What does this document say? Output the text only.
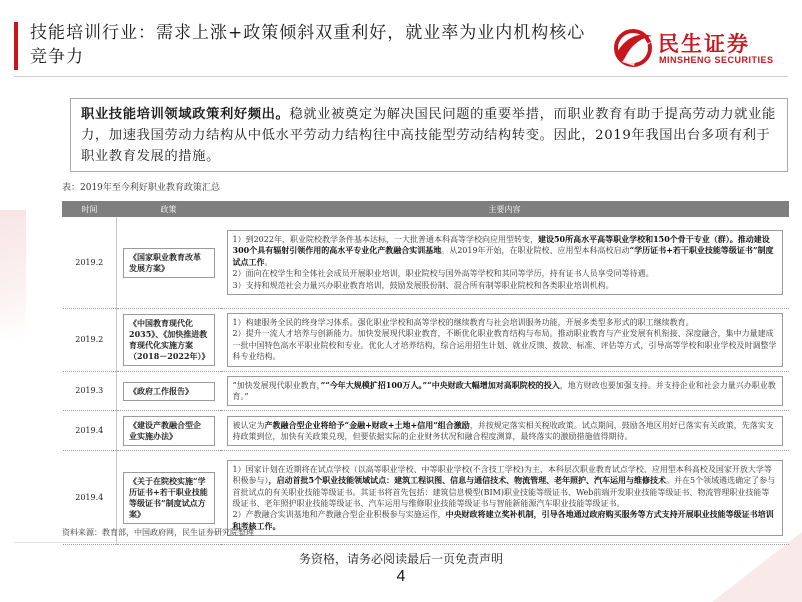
技能培训行业：需求上涨+政策倾斜双重利好，就业率为业内机构核心竞争力
民生证券
MINSHENG SECURITIES
职业技能培训领域政策利好频出。稳就业被奠定为解决国民问题的重要举措，而职业教育有助于提高劳动力就业能力，加速我国劳动力结构从中低水平劳动力结构往中高技能型劳动结构转变。因此，2019年我国出台多项有利于职业教育发展的措施。
表：2019年至今利好职业教育政策汇总
时间	政策	主要内容
2019.2	《国家职业教育改革发展方案》	1）到2022年，职业院校教学条件基本达标，一大批普通本科高等学校向应用型转变，建设50所高水平高等职业学校和150个骨干专业（群）。推动建设300个具有辐射引领作用的高水平专业化产教融合实训基地。从2019年开始，在职业院校、应用型本科高校启动“学历证书+若干职业技能等级证书”制度试点工作。

2）面向在校学生和全体社会成员开展职业培训，职业院校与国外高等学校和其同等学历，持有证书人员享受同等待遇。

3）支持和规范社会力量兴办职业教育培训，鼓励发展股份制、混合所有制等职业院校和各类职业培训机构。

2019.2	《中国教育现代化2035》、《加快推进教育现代化实施方案（2018－2022年）》	1）构建服务全民的终身学习体系。强化职业学校和高等学校的继续教育与社会培训服务功能，开展多类型多形式的职工继续教育。

2）提升一流人才培养与创新能力。加快发展现代职业教育，不断优化职业教育结构与布局。推动职业教育与产业发展有机衔接、深度融合，集中力量建成一批中国特色高水平职业院校和专业。优化人才培养结构，综合运用招生计划、就业反馈、拨款、标准、评估等方式，引导高等学校和职业学校及时调整学科专业结构。

2019.3	《政府工作报告》	“加快发展现代职业教育，”“今年大规模扩招100万人。”“中央财政大幅增加对高职院校的投入，地方财政也要加强支持。并支持企业和社会力量兴办职业教育。”

2019.4	《建设产教融合型企业实施办法》	被认定为产教融合型企业将给予“金融+财政+土地+信用”组合激励，并按规定落实相关税收政策。试点期间，鼓励各地区用好已落实有关政策，先落实支持政策到位，加快有关政策兑现，但要依据实际的企业财务状况和融合程度测算，最终落实的激励措施值得期待。

2019.4	《关于在院校实施“学历证书+若干职业技能等级证书”制度试点方案》	1）国家计划在近期将在试点学校（以高等职业学校、中等职业学校(不含技工学校)为主，本科层次职业教育试点学校、应用型本科高校及国家开放大学等积极参与），启动首批5个职业技能领域试点：建筑工程识图、信息与通信技术、物流管理、老年照护、汽车运用与维修技术。并在5个领域遴选确定了参与首批试点的有关职业技能等级证书。其证书将首先包括：建筑信息模型(BIM)职业技能等级证书、Web前端开发职业技能等级证书、物流管理职业技能等级证书、老年照护职业技能等级证书、汽车运用与维修职业技能等级证书与智能新能源汽车职业技能等级证书。

2）产教融合实训基地和产教融合型企业积极参与实施运作，中央财政将建立奖补机制，引导各地通过政府购买服务等方式支持开展职业技能等级证书培训和考核工作。

资料来源：教育部，中国政府网，民生证券研究院整理
务资格，请务必阅读最后一页免责声明
4
